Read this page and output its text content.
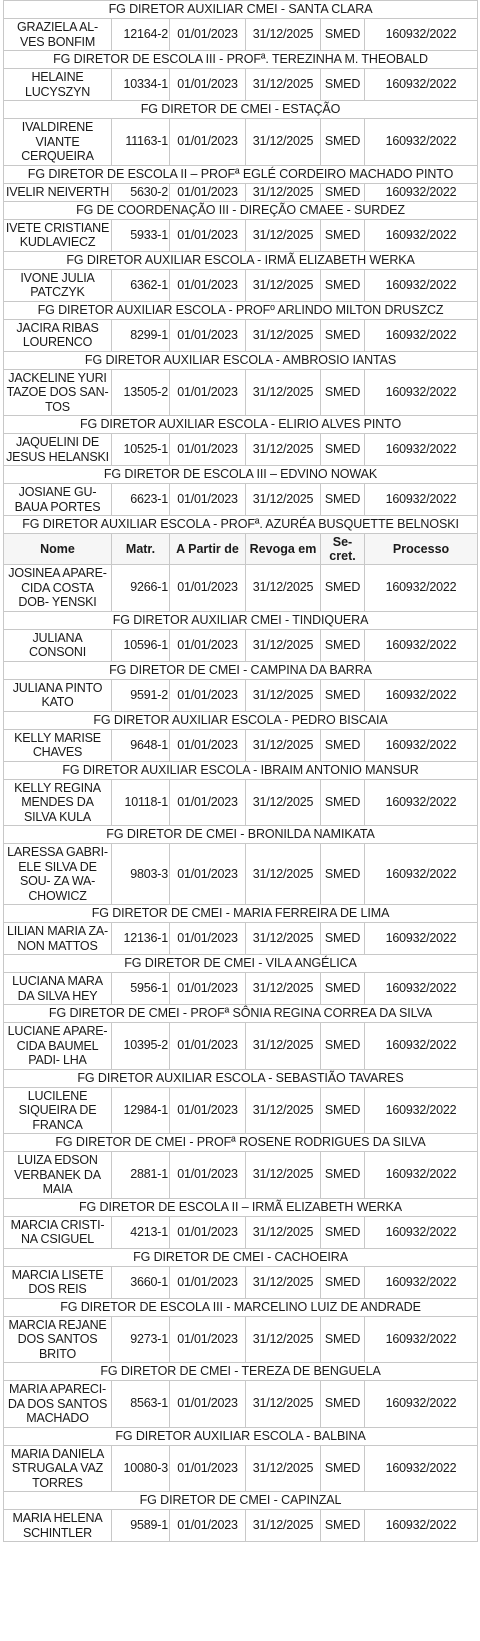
FG DIRETOR AUXILIAR CMEI - SANTA CLARA					
GRAZIELA AL- VES BONFIM	12164-2	01/01/2023	31/12/2025	SMED	160932/2022
FG DIRETOR DE ESCOLA III - PROFª. TEREZINHA M. THEOBALD					
HELAINE LUCYSZYN	10334-1	01/01/2023	31/12/2025	SMED	160932/2022
FG DIRETOR DE CMEI - ESTAÇÃO					
IVALDIRENE VIANTE CERQUEIRA	11163-1	01/01/2023	31/12/2025	SMED	160932/2022
FG DIRETOR DE ESCOLA II – PROFª EGLÉ CORDEIRO MACHADO PINTO					
IVELIR NEIVERTH	5630-2	01/01/2023	31/12/2025	SMED	160932/2022
FG DE COORDENAÇÃO III - DIREÇÃO CMAEE - SURDEZ					
IVETE CRISTIANE KUDLAVIECZ	5933-1	01/01/2023	31/12/2025	SMED	160932/2022
FG DIRETOR AUXILIAR ESCOLA - IRMÃ ELIZABETH WERKA					
IVONE JULIA PATCZYK	6362-1	01/01/2023	31/12/2025	SMED	160932/2022
FG DIRETOR AUXILIAR ESCOLA - PROFº ARLINDO MILTON DRUSZCZ					
JACIRA RIBAS LOURENCO	8299-1	01/01/2023	31/12/2025	SMED	160932/2022
FG DIRETOR AUXILIAR ESCOLA - AMBROSIO IANTAS					
JACKELINE YURI TAZOE DOS SAN- TOS	13505-2	01/01/2023	31/12/2025	SMED	160932/2022
FG DIRETOR AUXILIAR ESCOLA - ELIRIO ALVES PINTO					
JAQUELINI DE JESUS HELANSKI	10525-1	01/01/2023	31/12/2025	SMED	160932/2022
FG DIRETOR DE ESCOLA III – EDVINO NOWAK					
JOSIANE GU- BAUA PORTES	6623-1	01/01/2023	31/12/2025	SMED	160932/2022
FG DIRETOR AUXILIAR ESCOLA - PROFª. AZURÉA BUSQUETTE BELNOSKI					
Nome	Matr.	A Partir de	Revoga em	Se- cret.	Processo
JOSINEA APARE- CIDA COSTA DOB- YENSKI	9266-1	01/01/2023	31/12/2025	SMED	160932/2022
FG DIRETOR AUXILIAR CMEI - TINDIQUERA					
JULIANA CONSONI	10596-1	01/01/2023	31/12/2025	SMED	160932/2022
FG DIRETOR DE CMEI - CAMPINA DA BARRA					
JULIANA PINTO KATO	9591-2	01/01/2023	31/12/2025	SMED	160932/2022
FG DIRETOR AUXILIAR ESCOLA - PEDRO BISCAIA					
KELLY MARISE CHAVES	9648-1	01/01/2023	31/12/2025	SMED	160932/2022
FG DIRETOR AUXILIAR ESCOLA - IBRAIM ANTONIO MANSUR					
KELLY REGINA MENDES DA SILVA KULA	10118-1	01/01/2023	31/12/2025	SMED	160932/2022
FG DIRETOR DE CMEI - BRONILDA NAMIKATA					
LARESSA GABRI- ELE SILVA DE SOU- ZA WA- CHOWICZ	9803-3	01/01/2023	31/12/2025	SMED	160932/2022
FG DIRETOR DE CMEI - MARIA FERREIRA DE LIMA					
LILIAN MARIA ZA- NON MATTOS	12136-1	01/01/2023	31/12/2025	SMED	160932/2022
FG DIRETOR DE CMEI - VILA ANGÉLICA					
LUCIANA MARA DA SILVA HEY	5956-1	01/01/2023	31/12/2025	SMED	160932/2022
FG DIRETOR DE CMEI - PROFª SÔNIA REGINA CORREA DA SILVA					
LUCIANE APARE- CIDA BAUMEL PADI- LHA	10395-2	01/01/2023	31/12/2025	SMED	160932/2022
FG DIRETOR AUXILIAR ESCOLA - SEBASTIÃO TAVARES					
LUCILENE SIQUEIRA DE FRANCA	12984-1	01/01/2023	31/12/2025	SMED	160932/2022
FG DIRETOR DE CMEI - PROFª ROSENE RODRIGUES DA SILVA					
LUIZA EDSON VERBANEK DA MAIA	2881-1	01/01/2023	31/12/2025	SMED	160932/2022
FG DIRETOR DE ESCOLA II – IRMÃ ELIZABETH WERKA					
MARCIA CRISTI- NA CSIGUEL	4213-1	01/01/2023	31/12/2025	SMED	160932/2022
FG DIRETOR DE CMEI - CACHOEIRA					
MARCIA LISETE DOS REIS	3660-1	01/01/2023	31/12/2025	SMED	160932/2022
FG DIRETOR DE ESCOLA III - MARCELINO LUIZ DE ANDRADE					
MARCIA REJANE DOS SANTOS BRITO	9273-1	01/01/2023	31/12/2025	SMED	160932/2022
FG DIRETOR DE CMEI - TEREZA DE BENGUELA					
MARIA APARECI- DA DOS SANTOS MACHADO	8563-1	01/01/2023	31/12/2025	SMED	160932/2022
FG DIRETOR AUXILIAR ESCOLA - BALBINA					
MARIA DANIELA STRUGALA VAZ TORRES	10080-3	01/01/2023	31/12/2025	SMED	160932/2022
FG DIRETOR DE CMEI - CAPINZAL					
MARIA HELENA SCHINTLER	9589-1	01/01/2023	31/12/2025	SMED	160932/2022
